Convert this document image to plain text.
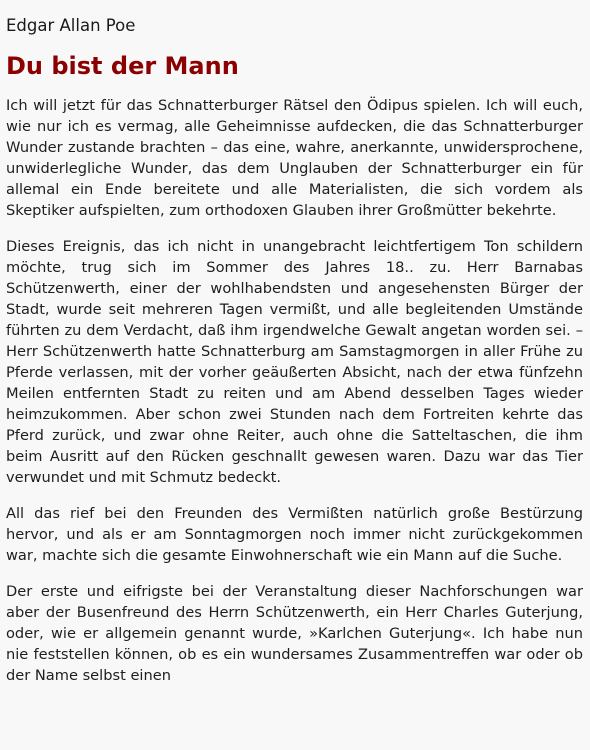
Edgar Allan Poe
Du bist der Mann

Ich will jetzt für das Schnatterburger Rätsel den Ödipus spielen. Ich will euch, wie nur ich es vermag, alle Geheimnisse aufdecken, die das Schnatterburger Wunder zustande brachten – das eine, wahre, anerkannte, unwidersprochene, unwiderlegliche Wunder, das dem Unglauben der Schnatterburger ein für allemal ein Ende bereitete und alle Materialisten, die sich vordem als Skeptiker aufspielten, zum orthodoxen Glauben ihrer Großmütter bekehrte.

Dieses Ereignis, das ich nicht in unangebracht leichtfertigem Ton schildern möchte, trug sich im Sommer des Jahres 18.. zu. Herr Barnabas Schützenwerth, einer der wohlhabendsten und angesehensten Bürger der Stadt, wurde seit mehreren Tagen vermißt, und alle begleitenden Umstände führten zu dem Verdacht, daß ihm irgendwelche Gewalt angetan worden sei. – Herr Schützenwerth hatte Schnatterburg am Samstagmorgen in aller Frühe zu Pferde verlassen, mit der vorher geäußerten Absicht, nach der etwa fünfzehn Meilen entfernten Stadt zu reiten und am Abend desselben Tages wieder heimzukommen. Aber schon zwei Stunden nach dem Fortreiten kehrte das Pferd zurück, und zwar ohne Reiter, auch ohne die Satteltaschen, die ihm beim Ausritt auf den Rücken geschnallt gewesen waren. Dazu war das Tier verwundet und mit Schmutz bedeckt.

All das rief bei den Freunden des Vermißten natürlich große Bestürzung hervor, und als er am Sonntagmorgen noch immer nicht zurückgekommen war, machte sich die gesamte Einwohnerschaft wie ein Mann auf die Suche.

Der erste und eifrigste bei der Veranstaltung dieser Nachforschungen war aber der Busenfreund des Herrn Schützenwerth, ein Herr Charles Guterjung, oder, wie er allgemein genannt wurde, »Karlchen Guterjung«. Ich habe nun nie feststellen können, ob es ein wundersames Zusammentreffen war oder ob der Name selbst einen
